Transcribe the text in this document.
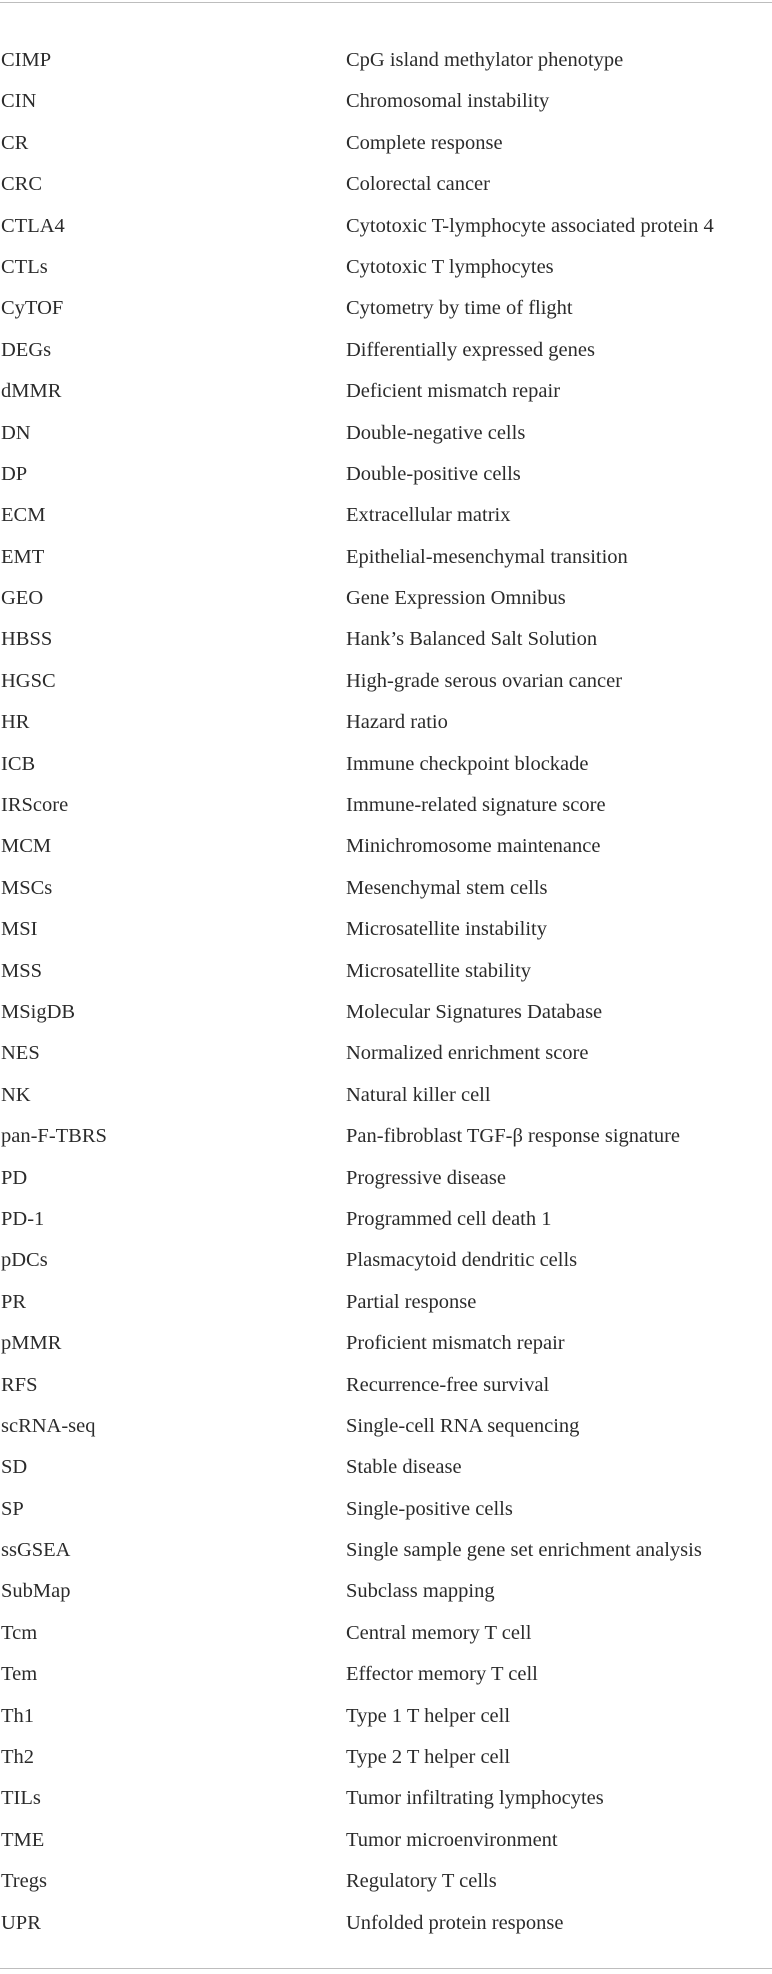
CIMP	CpG island methylator phenotype
CIN	Chromosomal instability
CR	Complete response
CRC	Colorectal cancer
CTLA4	Cytotoxic T-lymphocyte associated protein 4
CTLs	Cytotoxic T lymphocytes
CyTOF	Cytometry by time of flight
DEGs	Differentially expressed genes
dMMR	Deficient mismatch repair
DN	Double-negative cells
DP	Double-positive cells
ECM	Extracellular matrix
EMT	Epithelial-mesenchymal transition
GEO	Gene Expression Omnibus
HBSS	Hank’s Balanced Salt Solution
HGSC	High-grade serous ovarian cancer
HR	Hazard ratio
ICB	Immune checkpoint blockade
IRScore	Immune-related signature score
MCM	Minichromosome maintenance
MSCs	Mesenchymal stem cells
MSI	Microsatellite instability
MSS	Microsatellite stability
MSigDB	Molecular Signatures Database
NES	Normalized enrichment score
NK	Natural killer cell
pan-F-TBRS	Pan-fibroblast TGF-β response signature
PD	Progressive disease
PD-1	Programmed cell death 1
pDCs	Plasmacytoid dendritic cells
PR	Partial response
pMMR	Proficient mismatch repair
RFS	Recurrence-free survival
scRNA-seq	Single-cell RNA sequencing
SD	Stable disease
SP	Single-positive cells
ssGSEA	Single sample gene set enrichment analysis
SubMap	Subclass mapping
Tcm	Central memory T cell
Tem	Effector memory T cell
Th1	Type 1 T helper cell
Th2	Type 2 T helper cell
TILs	Tumor infiltrating lymphocytes
TME	Tumor microenvironment
Tregs	Regulatory T cells
UPR	Unfolded protein response
